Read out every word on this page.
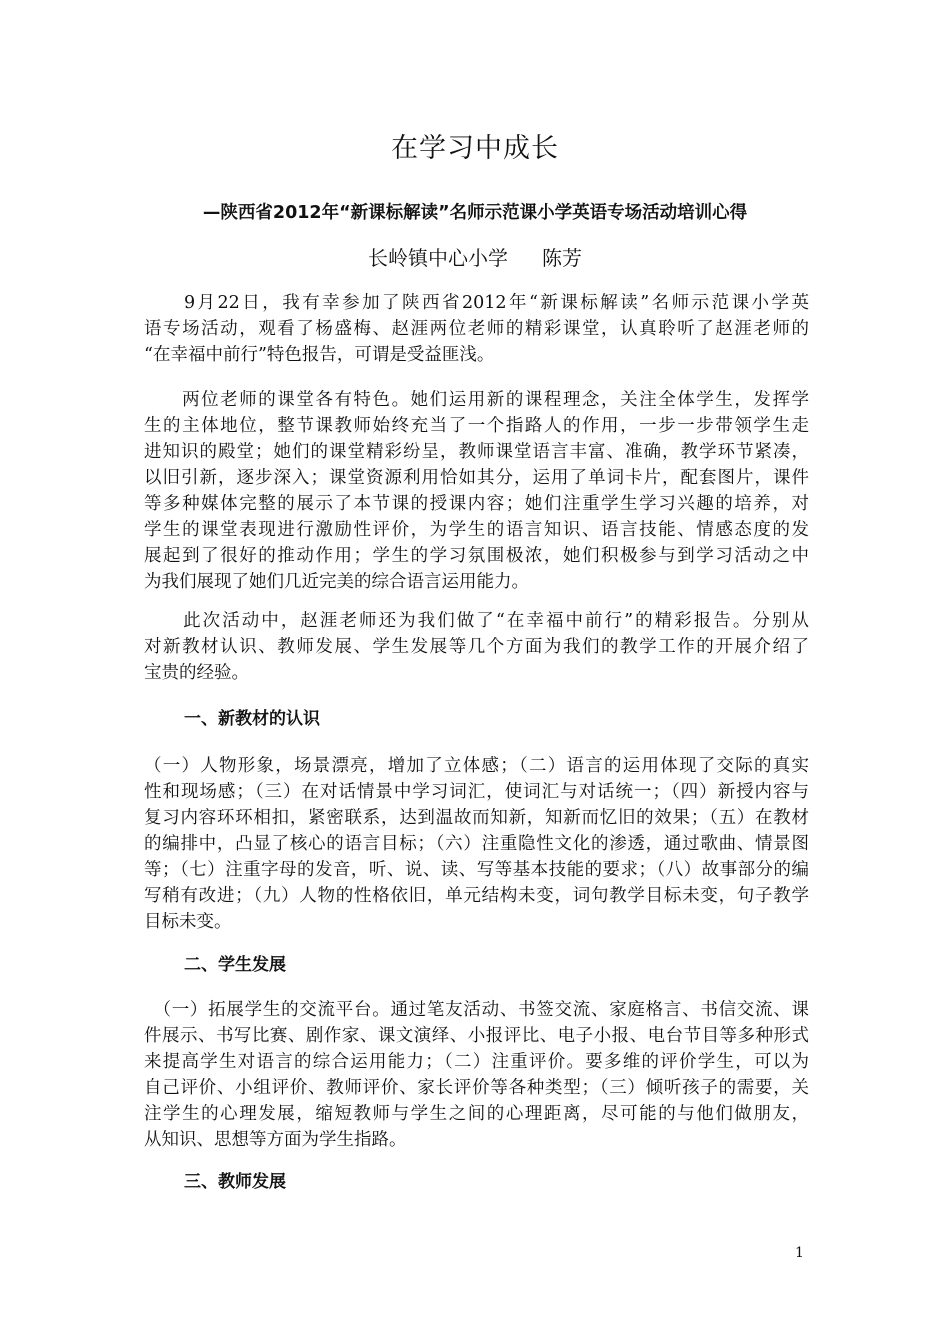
在学习中成长
—陕西省2012年“新课标解读”名师示范课小学英语专场活动培训心得
长岭镇中心小学 陈芳
　　9月22日，我有幸参加了陕西省2012年“新课标解读”名师示范课小学英
语专场活动，观看了杨盛梅、赵涯两位老师的精彩课堂，认真聆听了赵涯老师的
“在幸福中前行”特色报告，可谓是受益匪浅。
　　两位老师的课堂各有特色。她们运用新的课程理念，关注全体学生，发挥学
生的主体地位，整节课教师始终充当了一个指路人的作用，一步一步带领学生走
进知识的殿堂；她们的课堂精彩纷呈，教师课堂语言丰富、准确，教学环节紧凑，
以旧引新，逐步深入；课堂资源利用恰如其分，运用了单词卡片，配套图片，课件
等多种媒体完整的展示了本节课的授课内容；她们注重学生学习兴趣的培养，对
学生的课堂表现进行激励性评价，为学生的语言知识、语言技能、情感态度的发
展起到了很好的推动作用；学生的学习氛围极浓，她们积极参与到学习活动之中
为我们展现了她们几近完美的综合语言运用能力。
　　此次活动中，赵涯老师还为我们做了“在幸福中前行”的精彩报告。分别从
对新教材认识、教师发展、学生发展等几个方面为我们的教学工作的开展介绍了
宝贵的经验。
一、新教材的认识
（一）人物形象，场景漂亮，增加了立体感；（二）语言的运用体现了交际的真实
性和现场感；（三）在对话情景中学习词汇，使词汇与对话统一；（四）新授内容与
复习内容环环相扣，紧密联系，达到温故而知新，知新而忆旧的效果；（五）在教材
的编排中，凸显了核心的语言目标；（六）注重隐性文化的渗透，通过歌曲、情景图
等；（七）注重字母的发音，听、说、读、写等基本技能的要求；（八）故事部分的编
写稍有改进；（九）人物的性格依旧，单元结构未变，词句教学目标未变，句子教学
目标未变。
二、学生发展
　（一）拓展学生的交流平台。通过笔友活动、书签交流、家庭格言、书信交流、课
件展示、书写比赛、剧作家、课文演绎、小报评比、电子小报、电台节目等多种形式
来提高学生对语言的综合运用能力；（二）注重评价。要多维的评价学生，可以为
自己评价、小组评价、教师评价、家长评价等各种类型；（三）倾听孩子的需要，关
注学生的心理发展，缩短教师与学生之间的心理距离，尽可能的与他们做朋友，
从知识、思想等方面为学生指路。
三、教师发展
1
